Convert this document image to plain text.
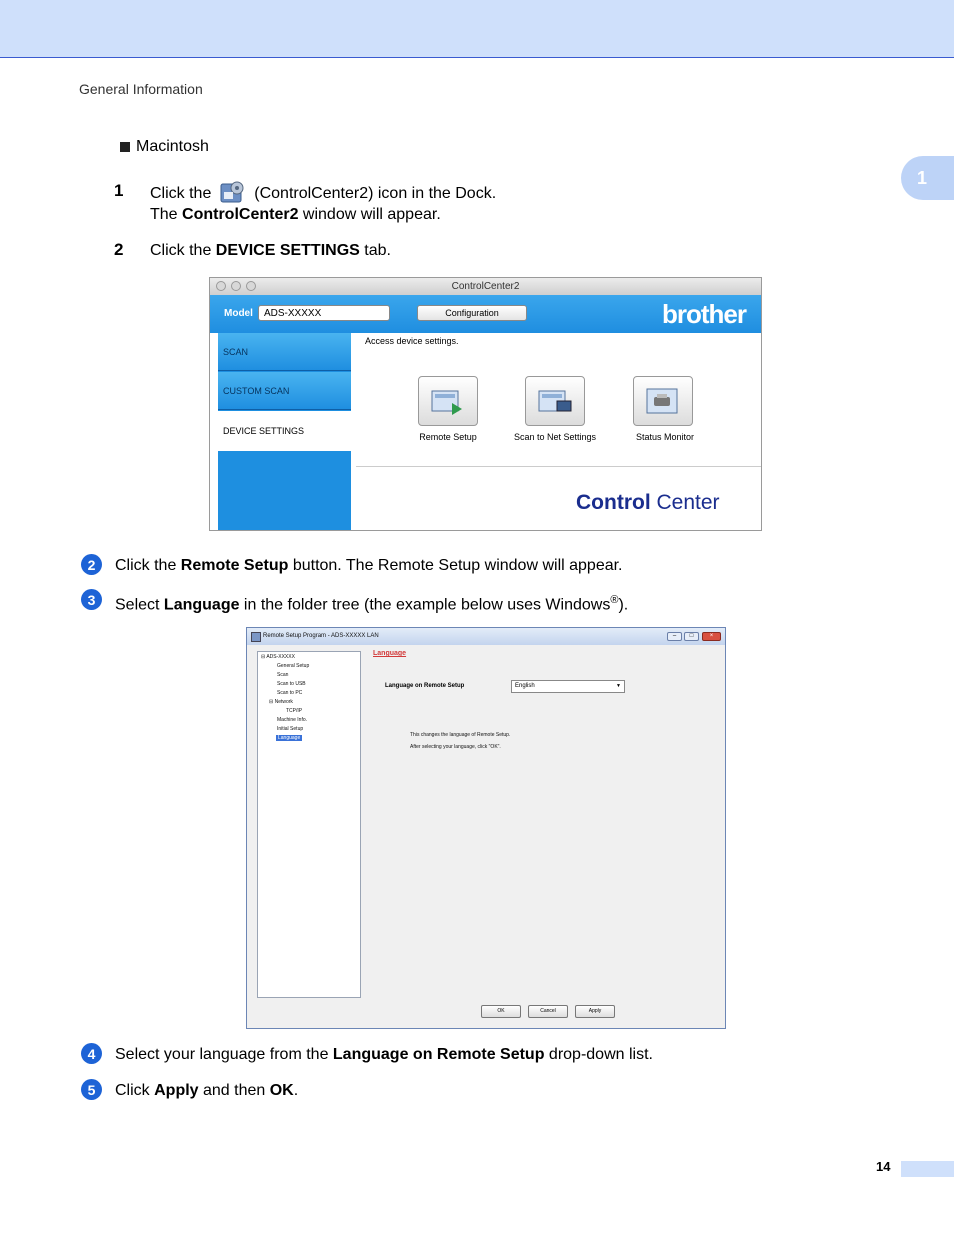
General Information
1
Macintosh
1 Click the	(ControlCenter2) icon in the Dock.
The ControlCenter2 window will appear.
2 Click the DEVICE SETTINGS tab.
ControlCenter2
Model	ADS-XXXXX	Configuration	brother
SCAN
CUSTOM SCAN
DEVICE SETTINGS
Access device settings.
Remote Setup	Scan to Net Settings	Status Monitor
Control Center
2	Click the Remote Setup button. The Remote Setup window will appear.
3	Select Language in the folder tree (the example below uses Windows®).
Remote Setup Program - ADS-XXXXX LAN	–	□	×
⊟ ADS-XXXXX
General Setup
Scan
Scan to USB
Scan to PC
⊟ Network
TCP/IP
Machine Info.
Initial Setup
Language
Language
Language on Remote Setup	English	▼
This changes the language of Remote Setup.
After selecting your language, click "OK".
OK	Cancel	Apply
4	Select your language from the Language on Remote Setup drop-down list.
5	Click Apply and then OK.
14
